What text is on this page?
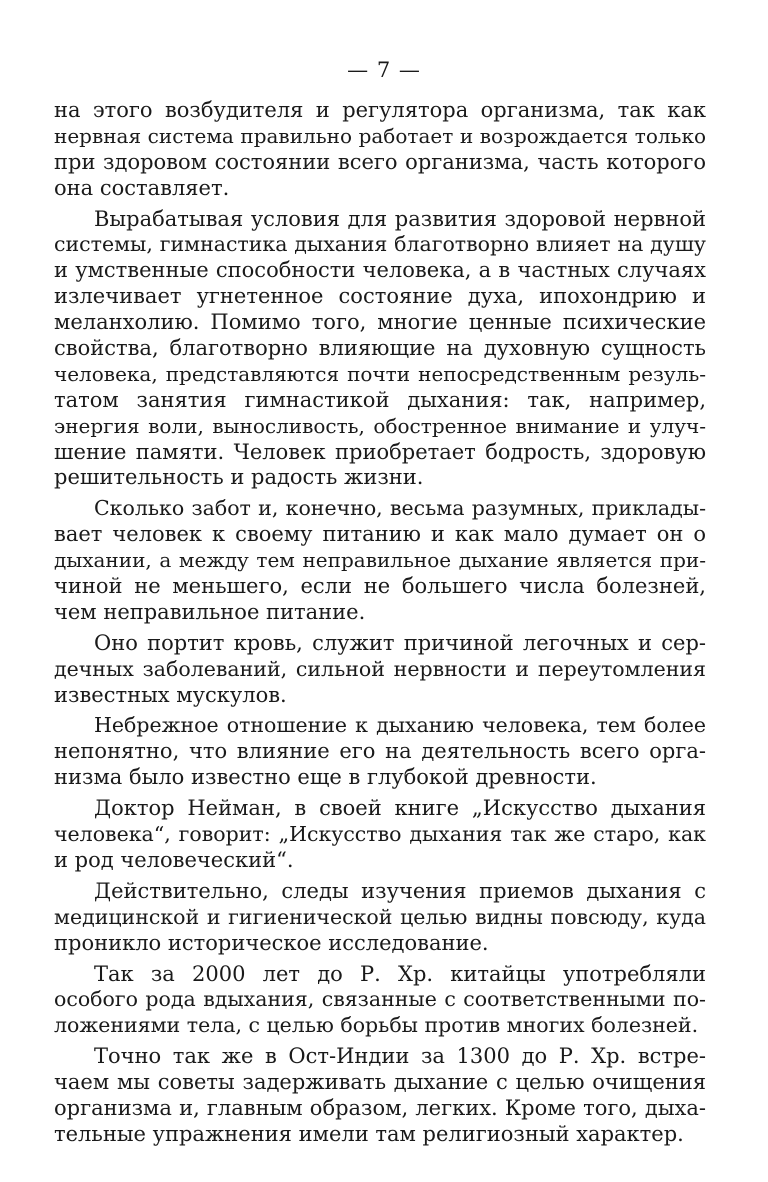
— 7 —
на этого возбудителя и регулятора организма, так как
нервная система правильно работает и возрождается только
при здоровом состоянии всего организма, часть которого
она составляет.
Вырабатывая условия для развития здоровой нервной
системы, гимнастика дыхания благотворно влияет на душу
и умственные способности человека, а в частных случаях
излечивает угнетенное состояние духа, ипохондрию и
меланхолию. Помимо того, многие ценные психические
свойства, благотворно влияющие на духовную сущность
человека, представляются почти непосредственным резуль-
татом занятия гимнастикой дыхания: так, например,
энергия воли, выносливость, обостренное внимание и улуч-
шение памяти. Человек приобретает бодрость, здоровую
решительность и радость жизни.
Сколько забот и, конечно, весьма разумных, приклады-
вает человек к своему питанию и как мало думает он о
дыхании, а между тем неправильное дыхание является при-
чиной не меньшего, если не большего числа болезней,
чем неправильное питание.
Оно портит кровь, служит причиной легочных и сер-
дечных заболеваний, сильной нервности и переутомления
известных мускулов.
Небрежное отношение к дыханию человека, тем более
непонятно, что влияние его на деятельность всего орга-
низма было известно еще в глубокой древности.
Доктор Нейман, в своей книге „Искусство дыхания
человека“, говорит: „Искусство дыхания так же старо, как
и род человеческий“.
Действительно, следы изучения приемов дыхания с
медицинской и гигиенической целью видны повсюду, куда
проникло историческое исследование.
Так за 2000 лет до Р. Хр. китайцы употребляли
особого рода вдыхания, связанные с соответственными по-
ложениями тела, с целью борьбы против многих болезней.
Точно так же в Ост-Индии за 1300 до Р. Хр. встре-
чаем мы советы задерживать дыхание с целью очищения
организма и, главным образом, легких. Кроме того, дыха-
тельные упражнения имели там религиозный характер.
